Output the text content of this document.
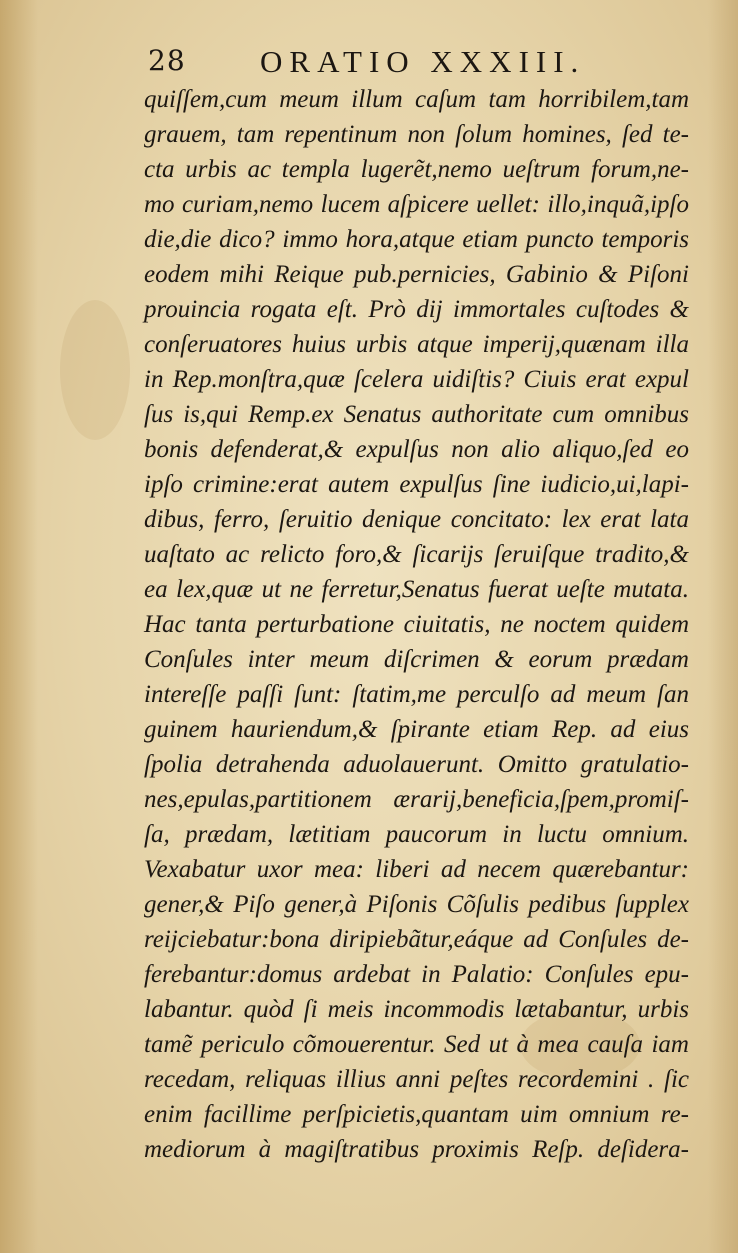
28 ORATIO XXXIII.
quiſſem,cum meum illum caſum tam horribilem,tam
grauem, tam repentinum non ſolum homines, ſed te-
cta urbis ac templa lugerẽt,nemo ueſtrum forum,ne-
mo curiam,nemo lucem aſpicere uellet: illo,inquã,ipſo
die,die dico? immo hora,atque etiam puncto temporis
eodem mihi Reique pub.pernicies, Gabinio & Piſoni
prouincia rogata eſt. Prò dij immortales cuſtodes &
conſeruatores huius urbis atque imperij,quænam illa
in Rep.monſtra,quæ ſcelera uidiſtis? Ciuis erat expul
ſus is,qui Remp.ex Senatus authoritate cum omnibus
bonis defenderat,& expulſus non alio aliquo,ſed eo
ipſo crimine:erat autem expulſus ſine iudicio,ui,lapi-
dibus, ferro, ſeruitio denique concitato: lex erat lata
uaſtato ac relicto foro,& ſicarijs ſeruiſque tradito,&
ea lex,quæ ut ne ferretur,Senatus fuerat ueſte mutata.
Hac tanta perturbatione ciuitatis, ne noctem quidem
Conſules inter meum diſcrimen & eorum prædam
intereſſe paſſi ſunt: ſtatim,me perculſo ad meum ſan
guinem hauriendum,& ſpirante etiam Rep. ad eius
ſpolia detrahenda aduolauerunt. Omitto gratulatio-
nes,epulas,partitionem ærarij,beneficia,ſpem,promiſ-
ſa, prædam, lætitiam paucorum in luctu omnium.
Vexabatur uxor mea: liberi ad necem quærebantur:
gener,& Piſo gener,à Piſonis Cõſulis pedibus ſupplex
reijciebatur:bona diripiebãtur,eáque ad Conſules de-
ferebantur:domus ardebat in Palatio: Conſules epu-
labantur. quòd ſi meis incommodis lætabantur, urbis
tamẽ periculo cõmouerentur. Sed ut à mea cauſa iam
recedam, reliquas illius anni peſtes recordemini . ſic
enim facillime perſpicietis,quantam uim omnium re-
mediorum à magiſtratibus proximis Reſp. deſidera-
